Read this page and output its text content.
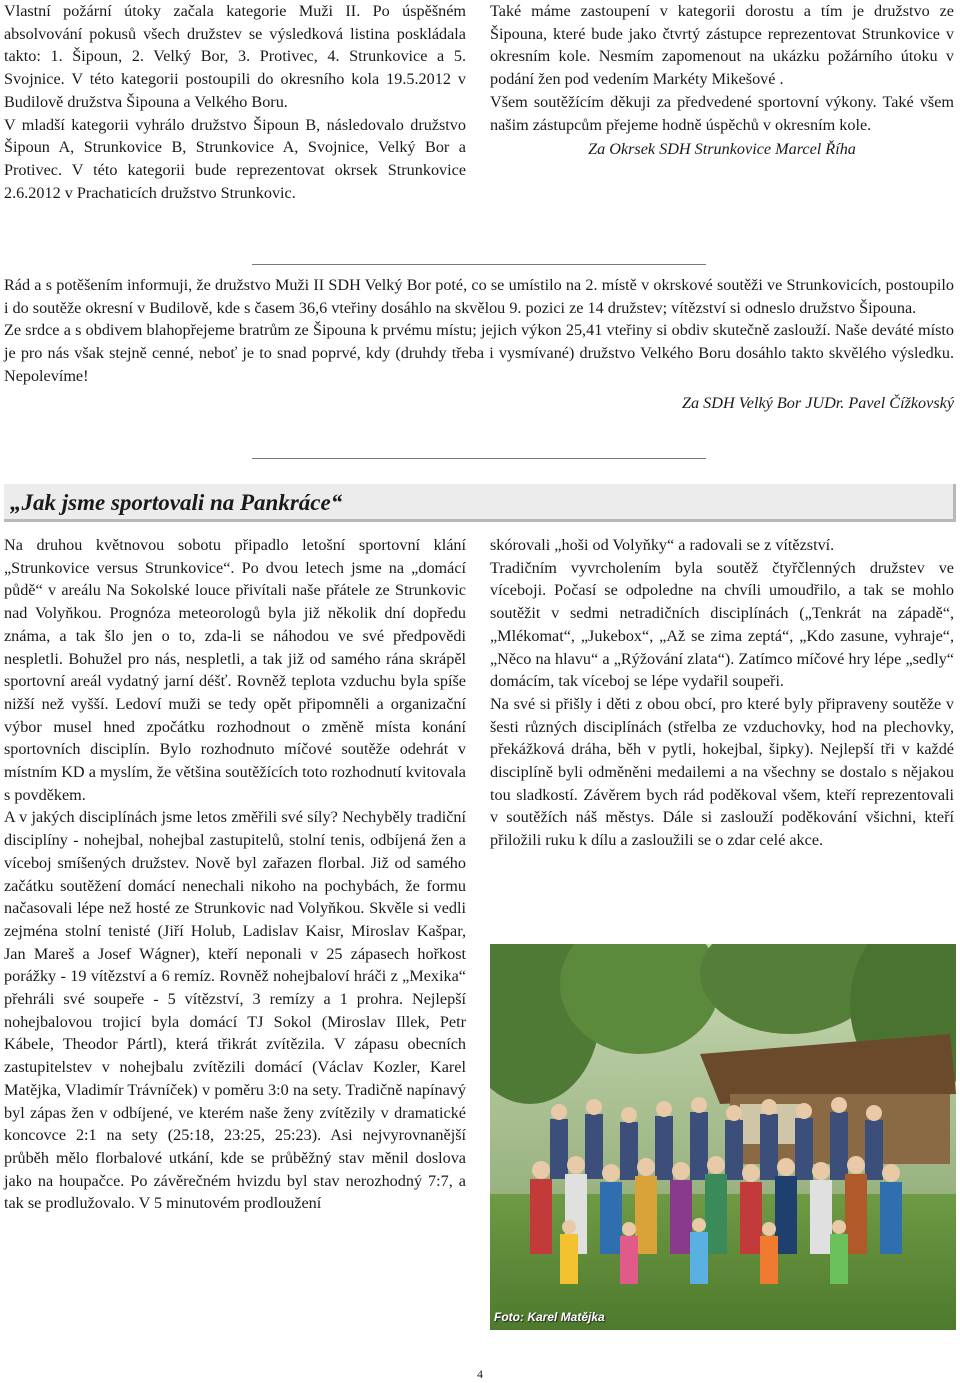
Vlastní požární útoky začala kategorie Muži II. Po úspěšném absolvování pokusů všech družstev se výsledková listina poskládala takto: 1. Šipoun, 2. Velký Bor, 3. Protivec, 4. Strunkovice a 5. Svojnice. V této kategorii postoupili do okresního kola 19.5.2012 v Budilově družstva Šipouna a Velkého Boru.

V mladší kategorii vyhrálo družstvo Šipoun B, následovalo družstvo Šipoun A, Strunkovice B, Strunkovice A, Svojnice, Velký Bor a Protivec. V této kategorii bude reprezentovat okrsek Strunkovice 2.6.2012 v Prachaticích družstvo Strunkovic.

Také máme zastoupení v kategorii dorostu a tím je družstvo ze Šipouna, které bude jako čtvrtý zástupce reprezentovat Strunkovice v okresním kole. Nesmím zapomenout na ukázku požárního útoku v podání žen pod vedením Markéty Mikešové .

Všem soutěžícím děkuji za předvedené sportovní výkony. Také všem našim zástupcům přejeme hodně úspěchů v okresním kole.

Za Okrsek SDH Strunkovice Marcel Říha

Rád a s potěšením informuji, že družstvo Muži II SDH Velký Bor poté, co se umístilo na 2. místě v okrskové soutěži ve Strunkovicích, postoupilo i do soutěže okresní v Budilově, kde s časem 36,6 vteřiny dosáhlo na skvělou 9. pozici ze 14 družstev; vítězství si odneslo družstvo Šipouna.

Ze srdce a s obdivem blahopřejeme bratrům ze Šipouna k prvému místu; jejich výkon 25,41 vteřiny si obdiv skutečně zaslouží. Naše deváté místo je pro nás však stejně cenné, neboť je to snad poprvé, kdy (druhdy třeba i vysmívané) družstvo Velkého Boru dosáhlo takto skvělého výsledku. Nepolevíme!

Za SDH Velký Bor JUDr. Pavel Čížkovský

„Jak jsme sportovali na Pankráce“

Na druhou květnovou sobotu připadlo letošní sportovní klání „Strunkovice versus Strunkovice“. Po dvou letech jsme na „domácí půdě“ v areálu Na Sokolské louce přivítali naše přátele ze Strunkovic nad Volyňkou. Prognóza meteorologů byla již několik dní dopředu známa, a tak šlo jen o to, zda-li se náhodou ve své předpovědi nespletli. Bohužel pro nás, nespletli, a tak již od samého rána skrápěl sportovní areál vydatný jarní déšť. Rovněž teplota vzduchu byla spíše nižší než vyšší. Ledoví muži se tedy opět připomněli a organizační výbor musel hned zpočátku rozhodnout o změně místa konání sportovních disciplín. Bylo rozhodnuto míčové soutěže odehrát v místním KD a myslím, že většina soutěžících toto rozhodnutí kvitovala s povděkem.

A v jakých disciplínách jsme letos změřili své síly? Nechyběly tradiční disciplíny - nohejbal, nohejbal zastupitelů, stolní tenis, odbíjená žen a víceboj smíšených družstev. Nově byl zařazen florbal. Již od samého začátku soutěžení domácí nenechali nikoho na pochybách, že formu načasovali lépe než hosté ze Strunkovic nad Volyňkou. Skvěle si vedli zejména stolní tenisté (Jiří Holub, Ladislav Kaisr, Miroslav Kašpar, Jan Mareš a Josef Wágner), kteří neponali v 25 zápasech hořkost porážky - 19 vítězství a 6 remíz. Rovněž nohejbaloví hráči z „Mexika“ přehráli své soupeře - 5 vítězství, 3 remízy a 1 prohra. Nejlepší nohejbalovou trojicí byla domácí TJ Sokol (Miroslav Illek, Petr Kábele, Theodor Pártl), která třikrát zvítězila. V zápasu obecních zastupitelstev v nohejbalu zvítězili domácí (Václav Kozler, Karel Matějka, Vladimír Trávníček) v poměru 3:0 na sety. Tradičně napínavý byl zápas žen v odbíjené, ve kterém naše ženy zvítězily v dramatické koncovce 2:1 na sety (25:18, 23:25, 25:23). Asi nejvyrovnanější průběh mělo florbalové utkání, kde se průběžný stav měnil doslova jako na houpačce. Po závěrečném hvizdu byl stav nerozhodný 7:7, a tak se prodlužovalo. V 5 minutovém prodloužení

skórovali „hoši od Volyňky“ a radovali se z vítězství.

Tradičním vyvrcholením byla soutěž čtyřčlenných družstev ve víceboji. Počasí se odpoledne na chvíli umoudřilo, a tak se mohlo soutěžit v sedmi netradičních disciplínách („Tenkrát na západě“, „Mlékomat“, „Jukebox“, „Až se zima zeptá“, „Kdo zasune, vyhraje“, „Něco na hlavu“ a „Rýžování zlata“). Zatímco míčové hry lépe „sedly“ domácím, tak víceboj se lépe vydařil soupeři.

Na své si přišly i děti z obou obcí, pro které byly připraveny soutěže v šesti různých disciplínách (střelba ze vzduchovky, hod na plechovky, překážková dráha, běh v pytli, hokejbal, šipky). Nejlepší tři v každé disciplíně byli odměněni medailemi a na všechny se dostalo s nějakou tou sladkostí. Závěrem bych rád poděkoval všem, kteří reprezentovali v soutěžích náš městys. Dále si zaslouží poděkování všichni, kteří přiložili ruku k dílu a zasloužili se o zdar celé akce.

Foto: Karel Matějka
4
